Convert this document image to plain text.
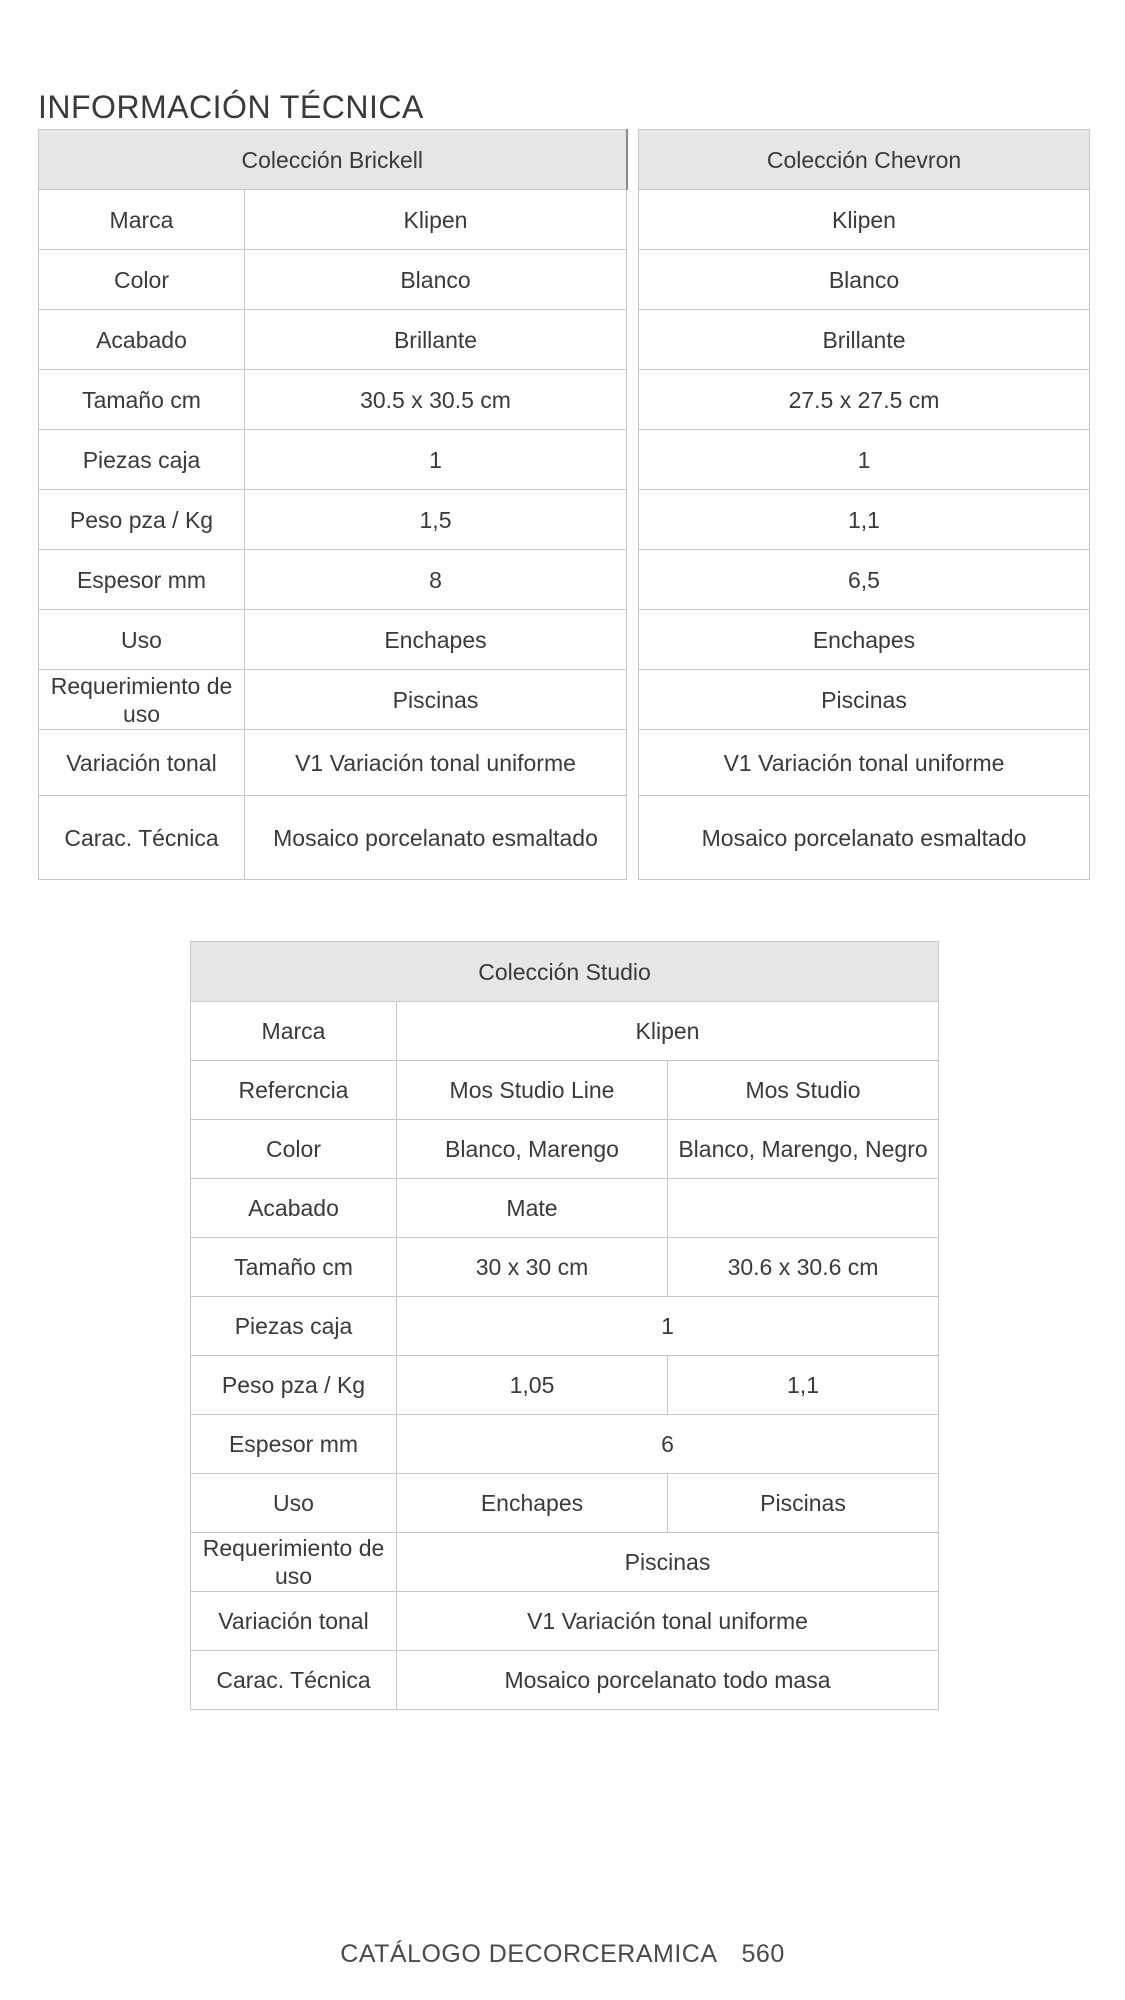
INFORMACIÓN TÉCNICA
Colección Brickell	
Marca	Klipen
Color	Blanco
Acabado	Brillante
Tamaño cm	30.5 x 30.5 cm
Piezas caja	1
Peso pza / Kg	1,5
Espesor mm	8
Uso	Enchapes
Requerimiento de uso	Piscinas
Variación tonal	V1 Variación tonal uniforme
Carac. Técnica	Mosaico porcelanato esmaltado
Colección Chevron
Klipen
Blanco
Brillante
27.5 x 27.5 cm
1
1,1
6,5
Enchapes
Piscinas
V1 Variación tonal uniforme
Mosaico porcelanato esmaltado
Colección Studio		
Marca	Klipen	
Refercncia	Mos Studio Line	Mos Studio
Color	Blanco, Marengo	Blanco, Marengo, Negro
Acabado	Mate	
Tamaño cm	30 x 30 cm	30.6 x 30.6 cm
Piezas caja	1	
Peso pza / Kg	1,05	1,1
Espesor mm	6	
Uso	Enchapes	Piscinas
Requerimiento de uso	Piscinas	
Variación tonal	V1 Variación tonal uniforme	
Carac. Técnica	Mosaico porcelanato todo masa	
CATÁLOGO DECORCERAMICA 560
